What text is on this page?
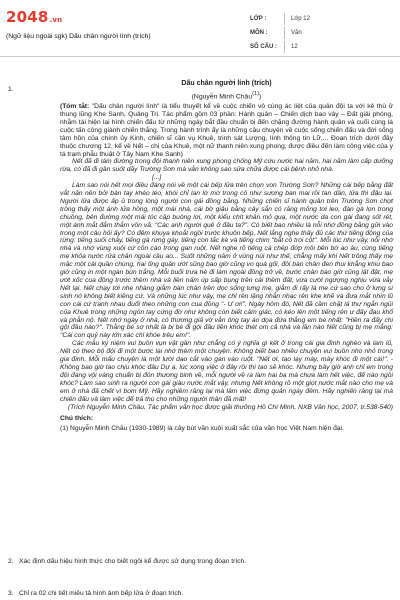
2048.vn
(Ngữ liệu ngoài sgk) Dấu chân người lính (trích)
LỚP :	Lớp 12
MÔN :	Văn
SỐ CÂU :	12
1.
Dấu chân người lính (trích)
(Nguyễn Minh Châu$^{(1)}$)
(Tóm tắt: "Dấu chân người lính" là tiểu thuyết kể về cuộc chiến vô cùng ác liệt của quân đội ta với kẻ thù ở thung lũng Khe Sanh, Quảng Trị. Tác phẩm gồm 03 phần: Hành quân – Chiến dịch bao vây – Đất giải phóng, nhằm tái hiện lại hình chiến đấu từ những ngày bắt đầu chuẩn bị đến chặng đường hành quân và cuối cùng là cuộc tấn công giành chiến thắng. Trong hành trình ấy là những câu chuyện về cuộc sống chiến đấu và đời sống tâm hồn của chính ủy Kinh, chiến sĩ cần vụ Khuê, trinh sát Lượng, lính thông tin Lữ,... Đoạn trích dưới đây thuộc chương 12, kể về Nết – chị của Khuê, một nữ thanh niên xung phong, được điều đến làm công việc của y tá trạm phẫu thuật ở Tây Nam Khe Sanh)
Nết đã đi làm đường trong đội thanh niên xung phong chống Mỹ cứu nước hai năm, hai năm làm cấp dưỡng rừa, có đã đi gần suốt dãy Trường Sơn mà vẫn không sao sửa chữa được cái bệnh nhỏ nhà.
[...]
Làm sao nói hết mọi điều đáng nói về một cái bếp lửa trên chọn von Trường Sơn? Những cái bếp bằng đất vắt nặn nên bởi bàn tay khéo léo, khói chỉ lan lờ mờ trong cỏ như sương ban mai rồi tan dần, lửa thì đậu lại. Người lửa được ấp ủ trong lòng người con gái đồng bằng. Những chiến sĩ hành quân trên Trường Sơn chợt trông thấy một ánh lửa hồng, một mái nhà, cái bờ giậu bằng cây sắn có răng mỏng tơi leo, đàn gà lọn trong chuồng, bên đường một mái tóc cặp buông lơi, một kiểu chít khăn mỏ quạ, một nước da con gái đang sốt rét, một ánh mắt đắm thắm vồn vã: "Các anh người quê ở đâu ta?". Có biết bao nhiêu là nỗi nhớ đồng bằng gửi vào trong một câu hỏi ấy? Có đêm khuya khoắt ngồi trước khuôn bếp, Nết lắng nghe thấy đủ các thứ tiếng động của rừng: tiếng suối chảy, tiếng gà rừng gáy, tiếng con tắc kè và tiếng chim "bắt cô trói cột". Mỗi lúc như vậy, nỗi nhớ nhà và nhớ vùng xuôi cứ cồn cào trong gan ruột. Nết nghe rõ tiếng cá chép đớp mồi bên bờ ao âu, cùng tiếng mẹ khỏa nước rửa chân ngoài cầu ao... Suốt những năm ở vùng núi như thế, chẳng mấy khi Nết trông thấy mẹ mặc một cái quần chùng, hai ống quần ướt sũng bao giờ cũng vo quá gối, đôi bàn chân đen thui khẳng khiu bao giờ cũng in một ngàn bùn trắng. Mỗi buổi trưa hè đi làm ngoài đồng trở về, bước chân bao giờ cũng lật đật, mẹ ướt xốc cua đồng trước thềm nhà và liền nấm úp sấp bụng trên cái thềm đất, vừa cười ngượng nghịu vừa vẫy Nết lại. Nết chạy tới nhẹ nhàng giẫm bàn chân trên dọc sống lưng mẹ, giẫm đi rấy lá me cứ sao cho ở lưng sì sinh nó không biết kiềng cứ. Và những lúc như vậy, mẹ chỉ rên lặng nhắn nhạc rên khe khẽ và đưa mắt nhìn lũ con cái cứ tranh nhau đuổi theo những con cua đồng "- Ư ơi!". Ngày hôm đó, Nết đã cầm chặt lá thư ngắn ngủi của Khuê trong những ngón tay cứng đờ như không còn biết cảm giác, có kéo lên một tiếng rên ư đấy đau khổ và phẫn nộ. Nết nhớ ngày ở nhà, có thương giả vờ vẫn ông tay áo dọa đứa thằng em bé nhất: "Hiền ra đấy chị gội đầu nào?". Thằng bé sợ nhất là bị bé đi gội đầu liền khóc thét om cả nhà và lần nào Nết cũng bị mẹ mắng: "Cái con quỷ này lớn xác chỉ khóe trêu em!".
Các mẫu ký niệm vui buồn vụn vặt gần như chẳng có ý nghĩa gì kết ở trong cái gia đình nghèo và lam lũ, Nết có theo bộ đội đi một bước lại nhớ thêm một chuyện. Không biết bao nhiêu chuyện vui buồn nho nhỏ trong gia đình. Mỗi mẩu chuyện là một lưới dao cắt vào gan vào ruột. "Nết ơi, tao lạy mày, mày khóc đi một cái!". - Không bao giờ tao chịu khóc đâu Dự ạ, lúc xong việc ở đây rồi thì tao sẽ khóc. Nhưng bây giờ anh chỉ em trong đội đang vội vàng chuẩn bị đón thương binh về, mỗi người về ra làm hai ba mà chưa làm hết việc, để nào ngồi khóc? Làm sao sinh ra người con gái giàu nước mắt vậy, nhưng Nết không rõ một giọt nước mắt nào cho mẹ và em ở nhà đã chết vì bom Mỹ. Hãy nghiêm răng lại mà làm việc đừng quản ngày đêm. Hãy nghiến răng lại mà chiến đấu và làm việc để trả thù cho những người thân đã mất!
(Trích Nguyễn Minh Châu, Tác phẩm văn học được giải thưởng Hồ Chí Minh, NXB Văn học, 2007, tr.538-540)
Chú thích:
(1) Nguyễn Minh Châu (1930-1989) là cây bút văn xuôi xuất sắc của văn học Việt Nam hiện đại.
2. Xác định dấu hiệu hình thức cho biết ngôi kể được sử dụng trong đoạn trích.
3. Chỉ ra 02 chi tiết miêu tả hình ảnh bếp lửa ở đoạn trích.
